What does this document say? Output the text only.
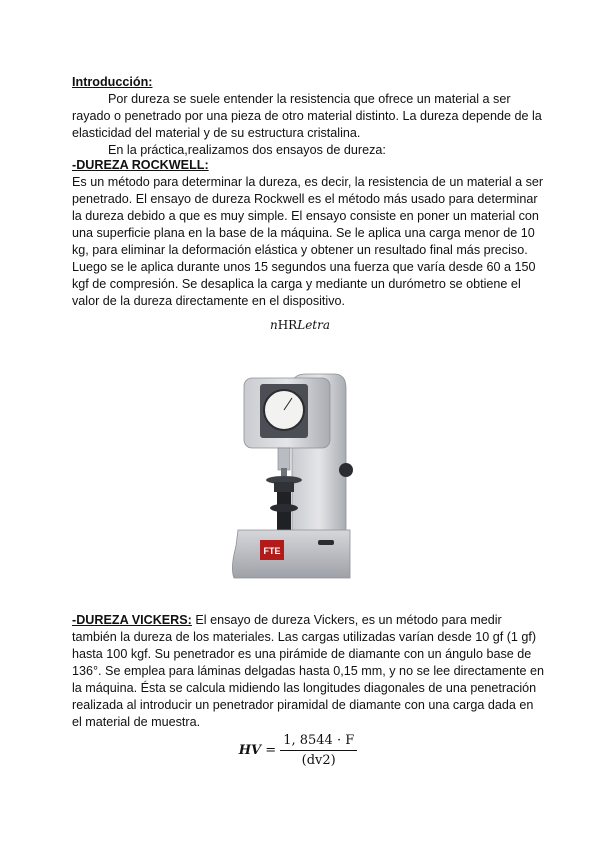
Introducción:
Por dureza se suele entender la resistencia que ofrece un material a ser
rayado o penetrado por una pieza de otro material distinto. La dureza depende de la
elasticidad del material y de su estructura cristalina.
En la práctica,realizamos dos ensayos de dureza:
-DUREZA ROCKWELL:
Es un método para determinar la dureza, es decir, la resistencia de un material a ser
penetrado. El ensayo de dureza Rockwell es el método más usado para determinar
la dureza debido a que es muy simple. El ensayo consiste en poner un material con
una superficie plana en la base de la máquina. Se le aplica una carga menor de 10
kg, para eliminar la deformación elástica y obtener un resultado final más preciso.
Luego se le aplica durante unos 15 segundos una fuerza que varía desde 60 a 150
kgf de compresión. Se desaplica la carga y mediante un durómetro se obtiene el
valor de la dureza directamente en el dispositivo.
nHRLetra
FTE
-DUREZA VICKERS: El ensayo de dureza Vickers, es un método para medir
también la dureza de los materiales. Las cargas utilizadas varían desde 10 gf (1 gf)
hasta 100 kgf. Su penetrador es una pirámide de diamante con un ángulo base de
136°. Se emplea para láminas delgadas hasta 0,15 mm, y no se lee directamente en
la máquina. Ésta se calcula midiendo las longitudes diagonales de una penetración
realizada al introducir un penetrador piramidal de diamante con una carga dada en
el material de muestra.
HV = $\frac{1, 8544 \cdot F}{(dv2)}$
